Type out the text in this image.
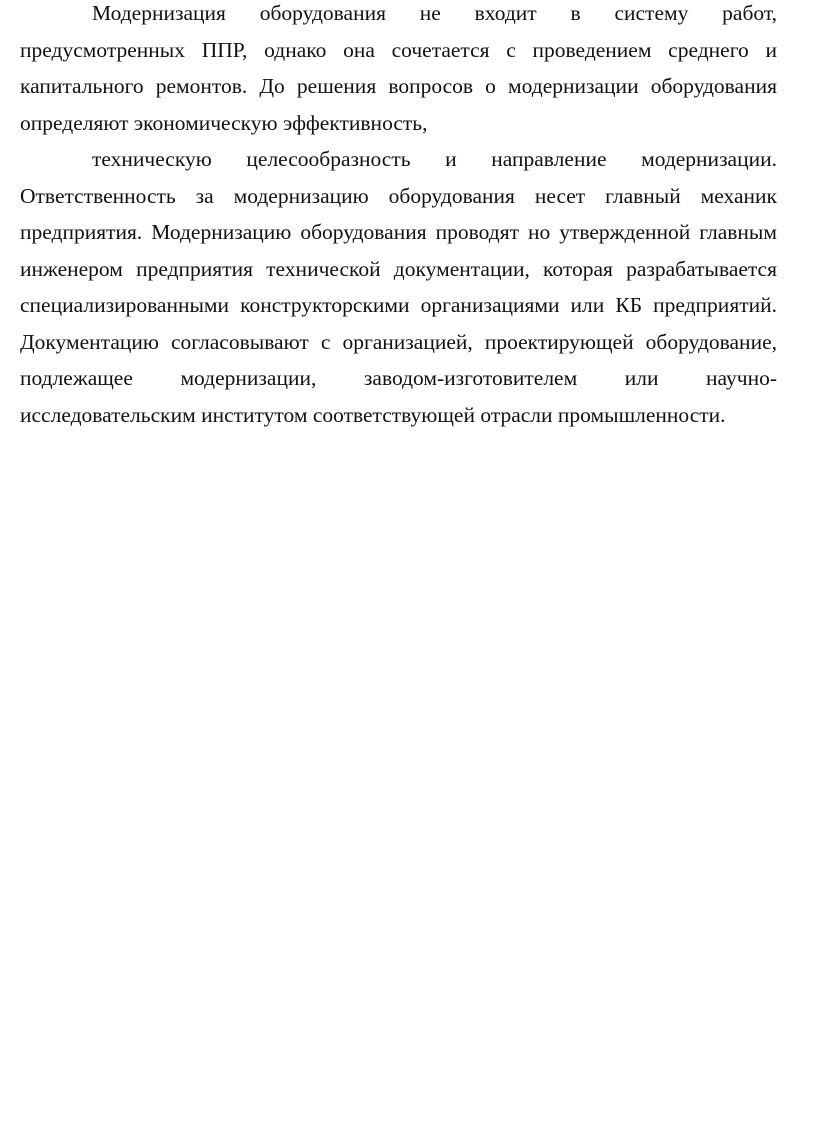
Модернизация оборудования не входит в систему работ,
предусмотренных ППР, однако она сочетается с проведением среднего и
капитального ремонтов. До решения вопросов о модернизации оборудования
определяют экономическую эффективность,
техническую целесообразность и направление модернизации.
Ответственность за модернизацию оборудования несет главный механик
предприятия. Модернизацию оборудования проводят но утвержденной главным
инженером предприятия технической документации, которая разрабатывается
специализированными конструкторскими организациями или КБ предприятий.
Документацию согласовывают с организацией, проектирующей оборудование,
подлежащее модернизации, заводом-изготовителем или научно-
исследовательским институтом соответствующей отрасли промышленности.
